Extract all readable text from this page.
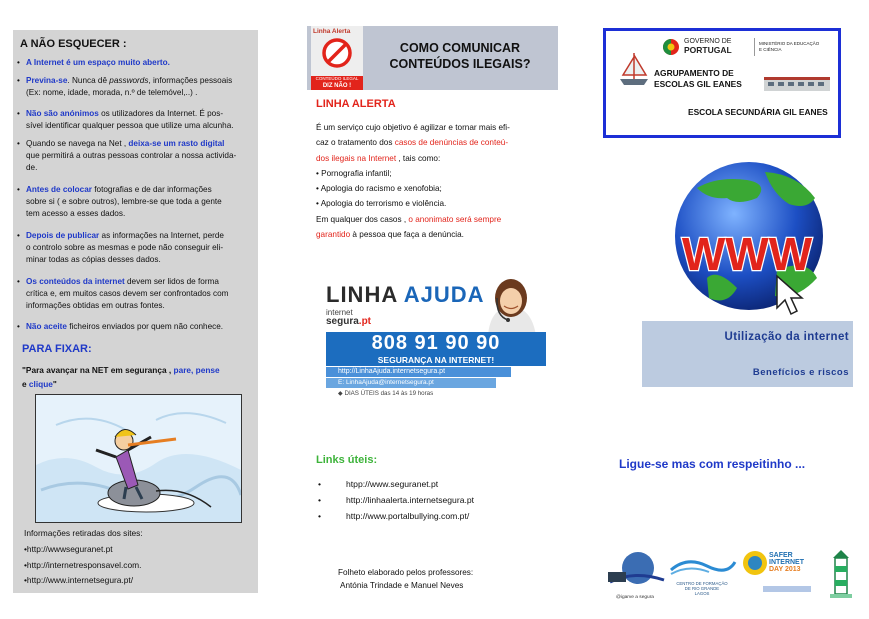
A NÃO ESQUECER :
• A Internet é um espaço muito aberto.
• Previna-se. Nunca dê passwords, informações pessoais
(Ex: nome, idade, morada, n.º de telemóvel,..) .
• Não são anónimos os utilizadores da Internet. É pos-
sível identificar qualquer pessoa que utilize uma alcunha.
• Quando se navega na Net , deixa-se um rasto digital
que permitirá a outras pessoas controlar a nossa activida-
de.
• Antes de colocar fotografias e de dar informações
sobre si ( e sobre outros), lembre-se que toda a gente
tem acesso a esses dados.
• Depois de publicar as informações na Internet, perde
o controlo sobre as mesmas e pode não conseguir eli-
minar todas as cópias desses dados.
• Os conteúdos da internet devem ser lidos de forma
crítica e, em muitos casos devem ser confrontados com
informações obtidas em outras fontes.
• Não aceite ficheiros enviados por quem não conhece.
PARA FIXAR:
"Para avançar na NET em segurança , pare, pense
e clique"
Informações retiradas dos sites:
•http://wwwseguranet.pt
•http://internetresponsavel.com.
•http://www.internetsegura.pt/
Linha Alerta
CONTEÚDO ILEGAL
DIZ NÃO !
COMO COMUNICAR
CONTEÚDOS ILEGAIS?
LINHA ALERTA
É um serviço cujo objetivo é agilizar e tornar mais efi-
caz o tratamento dos casos de denúncias de conteú-
dos ilegais na Internet , tais como:
• Pornografia infantil;
• Apologia do racismo e xenofobia;
• Apologia do terrorismo e violência.
Em qualquer dos casos , o anonimato será sempre
garantido à pessoa que faça a denúncia.
LINHA AJUDA
internet
segura.pt
808 91 90 90
SEGURANÇA NA INTERNET!
http://LinhaAjuda.internetsegura.pt
E: LinhaAjuda@internetsegura.pt
◆ DIAS ÚTEIS das 14 às 19 horas
Links úteis:
•	htpp://www.seguranet.pt
•	http://linhaalerta.internetsegura.pt
•	http://www.portalbullying.com.pt/
Folheto elaborado pelos professores:
Antónia Trindade e Manuel Neves
GOVERNO DE
PORTUGAL
MINISTÉRIO DA EDUCAÇÃO
E CIÊNCIA
AGRUPAMENTO DE
ESCOLAS GIL EANES
ESCOLA SECUNDÁRIA GIL EANES
WWW
Utilização da internet
Benefícios e riscos
Ligue-se mas com respeitinho ...
@igarve a segura
CENTRO DE FORMAÇÃO
DE RIO GRANDE
LAGOS
SAFER
INTERNET
DAY 2013
